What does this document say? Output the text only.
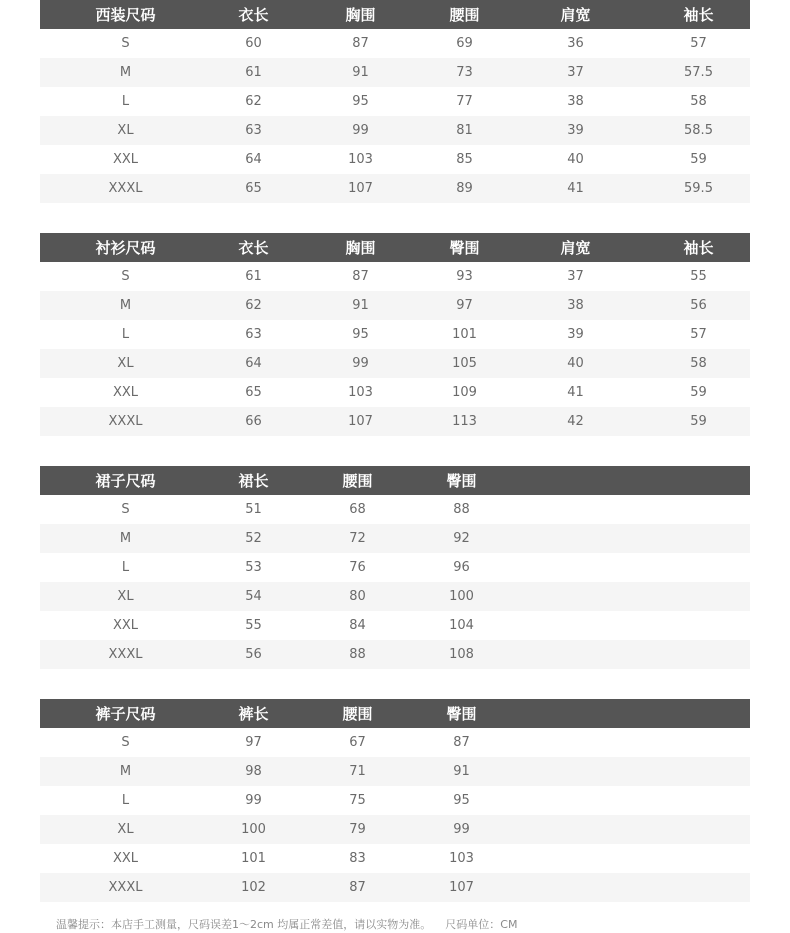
西装尺码	衣长	胸围	腰围	肩宽	袖长
S	60	87	69	36	57
M	61	91	73	37	57.5
L	62	95	77	38	58
XL	63	99	81	39	58.5
XXL	64	103	85	40	59
XXXL	65	107	89	41	59.5
衬衫尺码	衣长	胸围	臀围	肩宽	袖长
S	61	87	93	37	55
M	62	91	97	38	56
L	63	95	101	39	57
XL	64	99	105	40	58
XXL	65	103	109	41	59
XXXL	66	107	113	42	59
裙子尺码	裙长	腰围	臀围		
S	51	68	88		
M	52	72	92		
L	53	76	96		
XL	54	80	100		
XXL	55	84	104		
XXXL	56	88	108		
裤子尺码	裤长	腰围	臀围		
S	97	67	87		
M	98	71	91		
L	99	75	95		
XL	100	79	99		
XXL	101	83	103		
XXXL	102	87	107		
温馨提示：本店手工测量，尺码误差1～2cm 均属正常差值，请以实物为准。 尺码单位：CM
